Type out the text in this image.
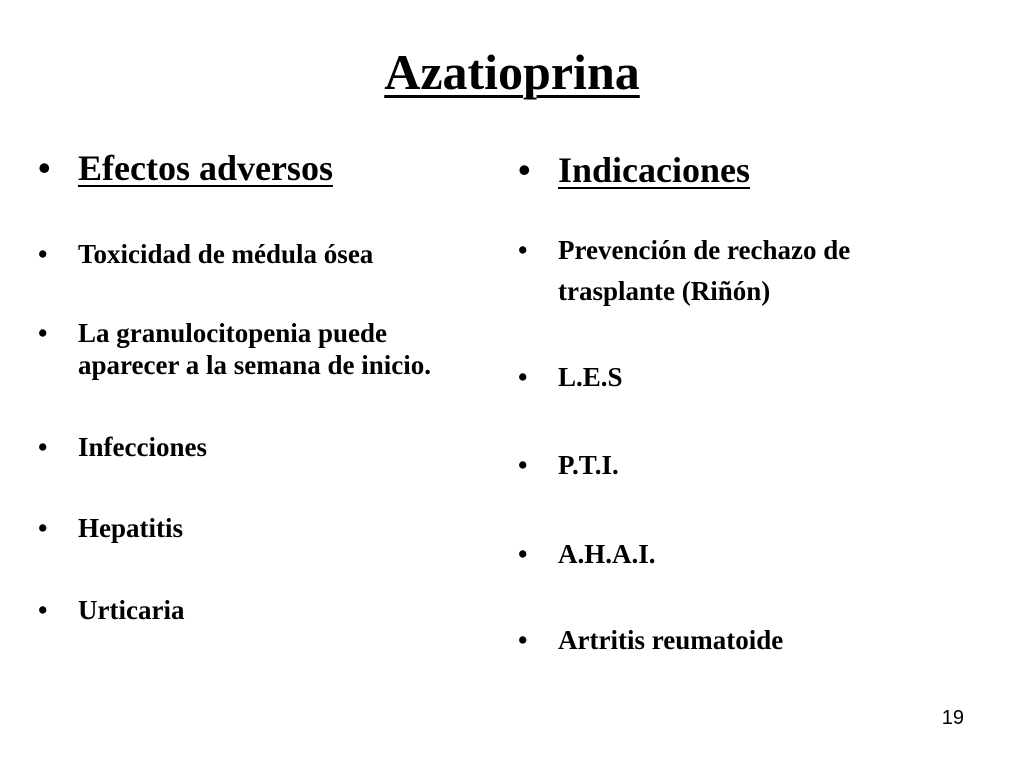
Azatioprina
• Efectos adversos
• Toxicidad de médula ósea
• La granulocitopenia puede aparecer a la semana de inicio.
• Infecciones
• Hepatitis
• Urticaria
• Indicaciones
• Prevención de rechazo de trasplante (Riñón)
• L.E.S
• P.T.I.
• A.H.A.I.
• Artritis reumatoide
19
